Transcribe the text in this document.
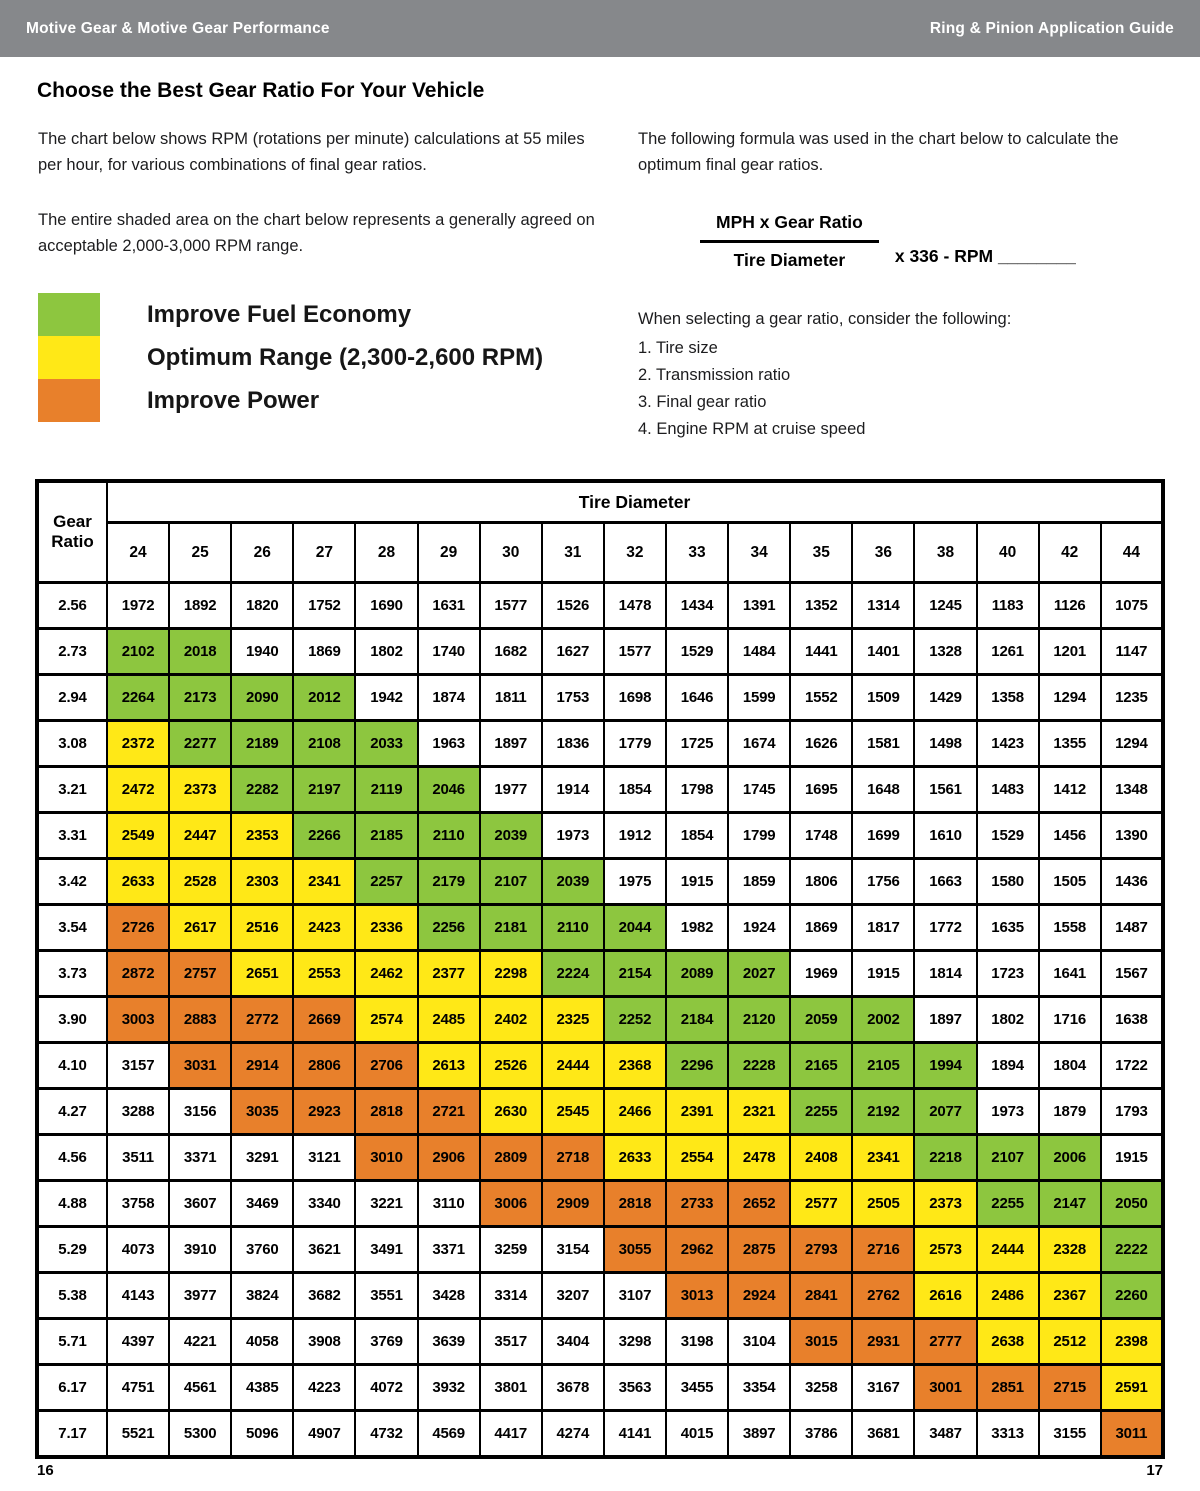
Motive Gear & Motive Gear Performance	Ring & Pinion Application Guide
Choose the Best Gear Ratio For Your Vehicle

The chart below shows RPM (rotations per minute) calculations at 55 miles per hour, for various combinations of final gear ratios.

The entire shaded area on the chart below represents a generally agreed on acceptable 2,000-3,000 RPM range.

Improve Fuel Economy
Optimum Range (2,300-2,600 RPM)
Improve Power

The following formula was used in the chart below to calculate the optimum final gear ratios.

$\frac{\text{MPH x Gear Ratio}}{\text{Tire Diameter}}$ x 336 - RPM ________

When selecting a gear ratio, consider the following:

1. Tire size
2. Transmission ratio
3. Final gear ratio
4. Engine RPM at cruise speed
Gear
Ratio	Tire Diameter																
	24	25	26	27	28	29	30	31	32	33	34	35	36	38	40	42	44
2.56	1972	1892	1820	1752	1690	1631	1577	1526	1478	1434	1391	1352	1314	1245	1183	1126	1075
2.73	2102	2018	1940	1869	1802	1740	1682	1627	1577	1529	1484	1441	1401	1328	1261	1201	1147
2.94	2264	2173	2090	2012	1942	1874	1811	1753	1698	1646	1599	1552	1509	1429	1358	1294	1235
3.08	2372	2277	2189	2108	2033	1963	1897	1836	1779	1725	1674	1626	1581	1498	1423	1355	1294
3.21	2472	2373	2282	2197	2119	2046	1977	1914	1854	1798	1745	1695	1648	1561	1483	1412	1348
3.31	2549	2447	2353	2266	2185	2110	2039	1973	1912	1854	1799	1748	1699	1610	1529	1456	1390
3.42	2633	2528	2303	2341	2257	2179	2107	2039	1975	1915	1859	1806	1756	1663	1580	1505	1436
3.54	2726	2617	2516	2423	2336	2256	2181	2110	2044	1982	1924	1869	1817	1772	1635	1558	1487
3.73	2872	2757	2651	2553	2462	2377	2298	2224	2154	2089	2027	1969	1915	1814	1723	1641	1567
3.90	3003	2883	2772	2669	2574	2485	2402	2325	2252	2184	2120	2059	2002	1897	1802	1716	1638
4.10	3157	3031	2914	2806	2706	2613	2526	2444	2368	2296	2228	2165	2105	1994	1894	1804	1722
4.27	3288	3156	3035	2923	2818	2721	2630	2545	2466	2391	2321	2255	2192	2077	1973	1879	1793
4.56	3511	3371	3291	3121	3010	2906	2809	2718	2633	2554	2478	2408	2341	2218	2107	2006	1915
4.88	3758	3607	3469	3340	3221	3110	3006	2909	2818	2733	2652	2577	2505	2373	2255	2147	2050
5.29	4073	3910	3760	3621	3491	3371	3259	3154	3055	2962	2875	2793	2716	2573	2444	2328	2222
5.38	4143	3977	3824	3682	3551	3428	3314	3207	3107	3013	2924	2841	2762	2616	2486	2367	2260
5.71	4397	4221	4058	3908	3769	3639	3517	3404	3298	3198	3104	3015	2931	2777	2638	2512	2398
6.17	4751	4561	4385	4223	4072	3932	3801	3678	3563	3455	3354	3258	3167	3001	2851	2715	2591
7.17	5521	5300	5096	4907	4732	4569	4417	4274	4141	4015	3897	3786	3681	3487	3313	3155	3011
16	17
